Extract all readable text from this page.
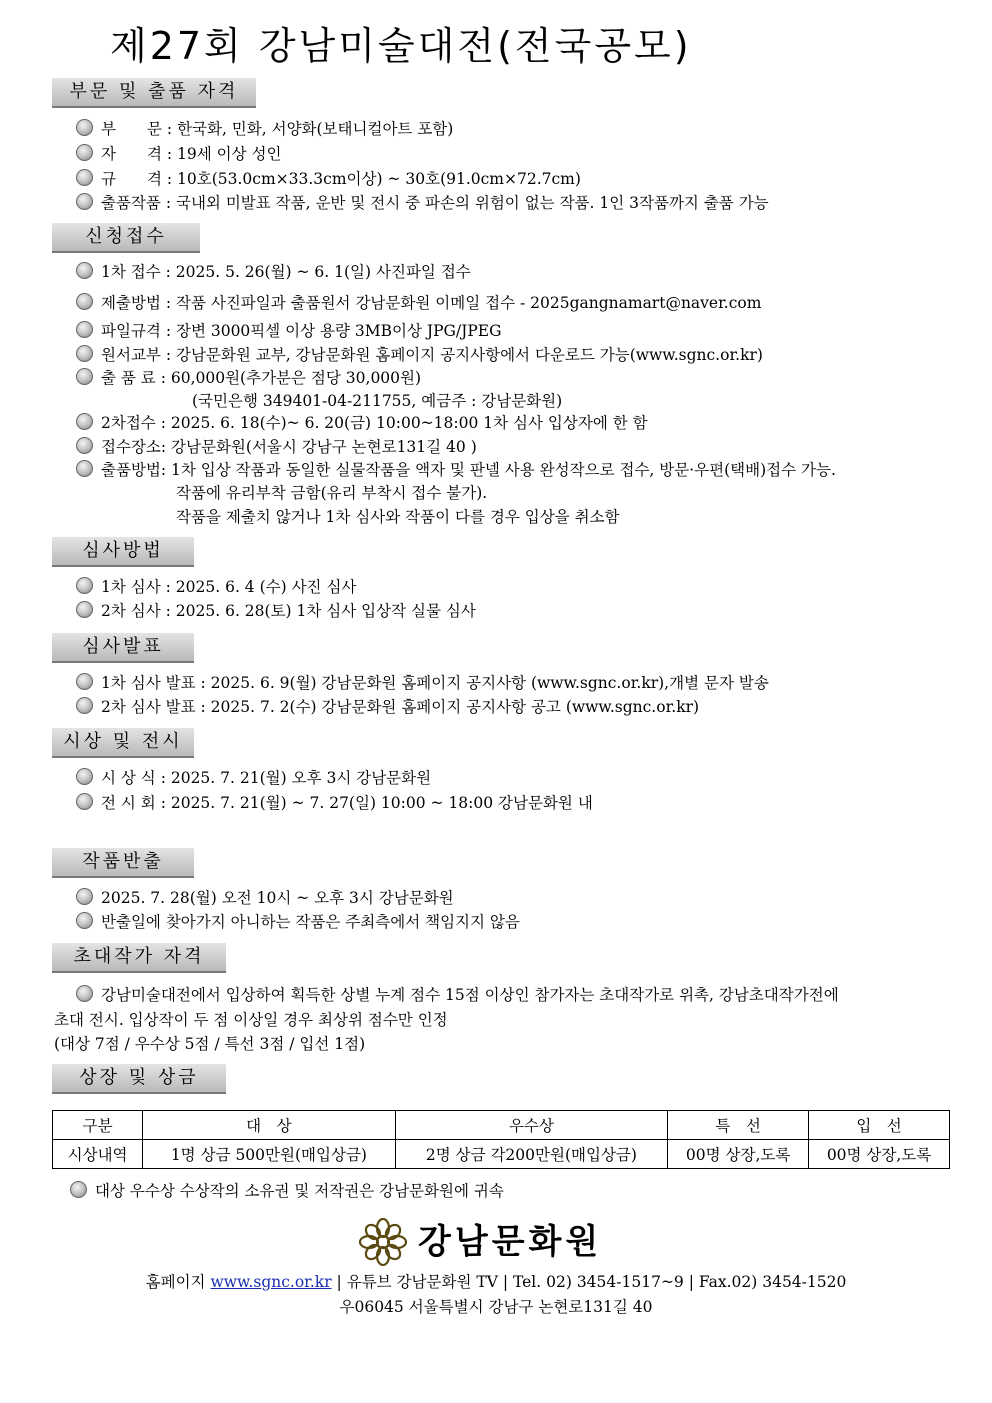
제27회 강남미술대전(전국공모)
부문 및 출품 자격
부　　문 : 한국화, 민화, 서양화(보태니컬아트 포함)
자　　격 : 19세 이상 성인
규　　격 : 10호(53.0cm×33.3cm이상) ~ 30호(91.0cm×72.7cm)
출품작품 : 국내외 미발표 작품, 운반 및 전시 중 파손의 위험이 없는 작품. 1인 3작품까지 출품 가능
신청접수
1차 접수 : 2025. 5. 26(월) ~ 6. 1(일) 사진파일 접수
제출방법 : 작품 사진파일과 출품원서 강남문화원 이메일 접수 - 2025gangnamart@naver.com
파일규격 : 장변 3000픽셀 이상 용량 3MB이상 JPG/JPEG
원서교부 : 강남문화원 교부, 강남문화원 홈페이지 공지사항에서 다운로드 가능(www.sgnc.or.kr)
출 품 료 : 60,000원(추가분은 점당 30,000원)
(국민은행 349401-04-211755, 예금주 : 강남문화원)
2차접수 : 2025. 6. 18(수)~ 6. 20(금) 10:00~18:00 1차 심사 입상자에 한 함
접수장소: 강남문화원(서울시 강남구 논현로131길 40 )
출품방법: 1차 입상 작품과 동일한 실물작품을 액자 및 판넬 사용 완성작으로 접수, 방문·우편(택배)접수 가능.
작품에 유리부착 금함(유리 부착시 접수 불가).
작품을 제출치 않거나 1차 심사와 작품이 다를 경우 입상을 취소함
심사방법
1차 심사 : 2025. 6. 4 (수) 사진 심사
2차 심사 : 2025. 6. 28(토) 1차 심사 입상작 실물 심사
심사발표
1차 심사 발표 : 2025. 6. 9(월) 강남문화원 홈페이지 공지사항 (www.sgnc.or.kr),개별 문자 발송
2차 심사 발표 : 2025. 7. 2(수) 강남문화원 홈페이지 공지사항 공고 (www.sgnc.or.kr)
시상 및 전시
시 상 식 : 2025. 7. 21(월) 오후 3시 강남문화원
전 시 회 : 2025. 7. 21(월) ~ 7. 27(일) 10:00 ~ 18:00 강남문화원 내
작품반출
2025. 7. 28(월) 오전 10시 ~ 오후 3시 강남문화원
반출일에 찾아가지 아니하는 작품은 주최측에서 책임지지 않음
초대작가 자격
강남미술대전에서 입상하여 획득한 상별 누계 점수 15점 이상인 참가자는 초대작가로 위촉, 강남초대작가전에
초대 전시. 입상작이 두 점 이상일 경우 최상위 점수만 인정
(대상 7점 / 우수상 5점 / 특선 3점 / 입선 1점)
상장 및 상금
구분	대　상	우수상	특　선	입　선
시상내역	1명 상금 500만원(매입상금)	2명 상금 각200만원(매입상금)	00명 상장,도록	00명 상장,도록
대상 우수상 수상작의 소유권 및 저작권은 강남문화원에 귀속
강남문화원
홈페이지 www.sgnc.or.kr | 유튜브 강남문화원 TV | Tel. 02) 3454-1517~9 | Fax.02) 3454-1520
우06045 서울특별시 강남구 논현로131길 40
